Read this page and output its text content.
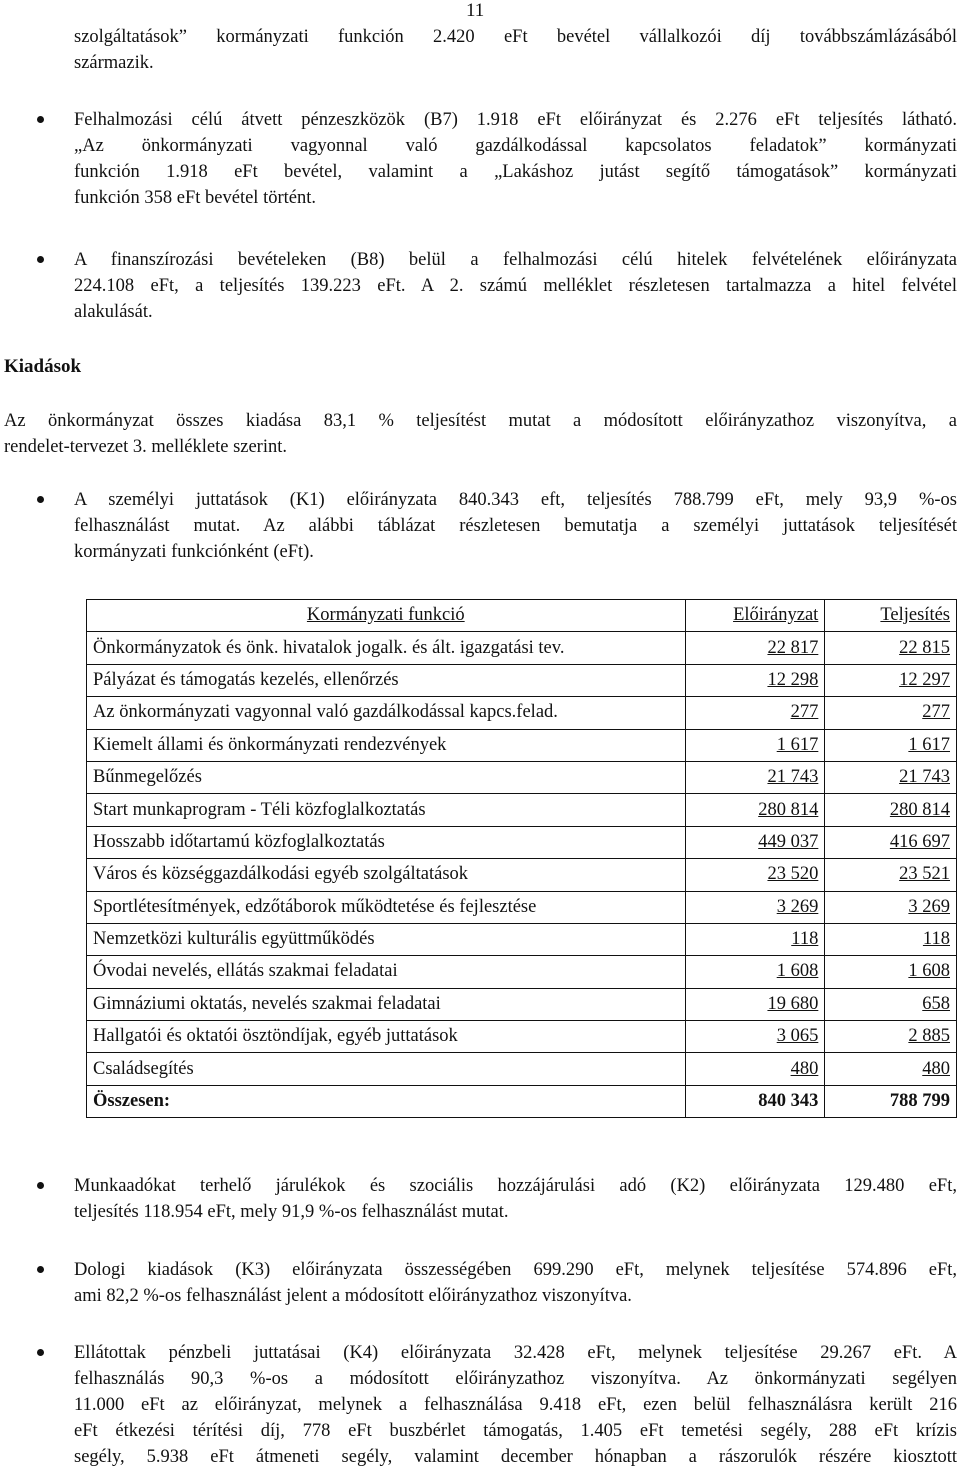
11
szolgáltatások” kormányzati funkción 2.420 eFt bevétel vállalkozói díj továbbszámlázásából
származik.
Felhalmozási célú átvett pénzeszközök (B7) 1.918 eFt előirányzat és 2.276 eFt teljesítés látható.
„Az önkormányzati vagyonnal való gazdálkodással kapcsolatos feladatok” kormányzati
funkción 1.918 eFt bevétel, valamint a „Lakáshoz jutást segítő támogatások” kormányzati
funkción 358 eFt bevétel történt.
A finanszírozási bevételeken (B8) belül a felhalmozási célú hitelek felvételének előirányzata
224.108 eFt, a teljesítés 139.223 eFt. A 2. számú melléklet részletesen tartalmazza a hitel felvétel
alakulását.
Kiadások
Az önkormányzat összes kiadása 83,1 % teljesítést mutat a módosított előirányzathoz viszonyítva, a
rendelet-tervezet 3. melléklete szerint.
A személyi juttatások (K1) előirányzata 840.343 eft, teljesítés 788.799 eFt, mely 93,9 %-os
felhasználást mutat. Az alábbi táblázat részletesen bemutatja a személyi juttatások teljesítését
kormányzati funkciónként (eFt).
Kormányzati funkció	Előirányzat	Teljesítés
Önkormányzatok és önk. hivatalok jogalk. és ált. igazgatási tev.	22 817	22 815
Pályázat és támogatás kezelés, ellenőrzés	12 298	12 297
Az önkormányzati vagyonnal való gazdálkodással kapcs.felad.	277	277
Kiemelt állami és önkormányzati rendezvények	1 617	1 617
Bűnmegelőzés	21 743	21 743
Start munkaprogram - Téli közfoglalkoztatás	280 814	280 814
Hosszabb időtartamú közfoglalkoztatás	449 037	416 697
Város és községgazdálkodási egyéb szolgáltatások	23 520	23 521
Sportlétesítmények, edzőtáborok működtetése és fejlesztése	3 269	3 269
Nemzetközi kulturális együttműködés	118	118
Óvodai nevelés, ellátás szakmai feladatai	1 608	1 608
Gimnáziumi oktatás, nevelés szakmai feladatai	19 680	658
Hallgatói és oktatói ösztöndíjak, egyéb juttatások	3 065	2 885
Családsegítés	480	480
Összesen:	840 343	788 799
Munkaadókat terhelő járulékok és szociális hozzájárulási adó (K2) előirányzata 129.480 eFt,
teljesítés 118.954 eFt, mely 91,9 %-os felhasználást mutat.
Dologi kiadások (K3) előirányzata összességében 699.290 eFt, melynek teljesítése 574.896 eFt,
ami 82,2 %-os felhasználást jelent a módosított előirányzathoz viszonyítva.
Ellátottak pénzbeli juttatásai (K4) előirányzata 32.428 eFt, melynek teljesítése 29.267 eFt. A
felhasználás 90,3 %-os a módosított előirányzathoz viszonyítva. Az önkormányzati segélyen
11.000 eFt az előirányzat, melynek a felhasználása 9.418 eFt, ezen belül felhasználásra került 216
eFt étkezési térítési díj, 778 eFt buszbérlet támogatás, 1.405 eFt temetési segély, 288 eFt krízis
segély, 5.938 eFt átmeneti segély, valamint december hónapban a rászorulók részére kiosztott
